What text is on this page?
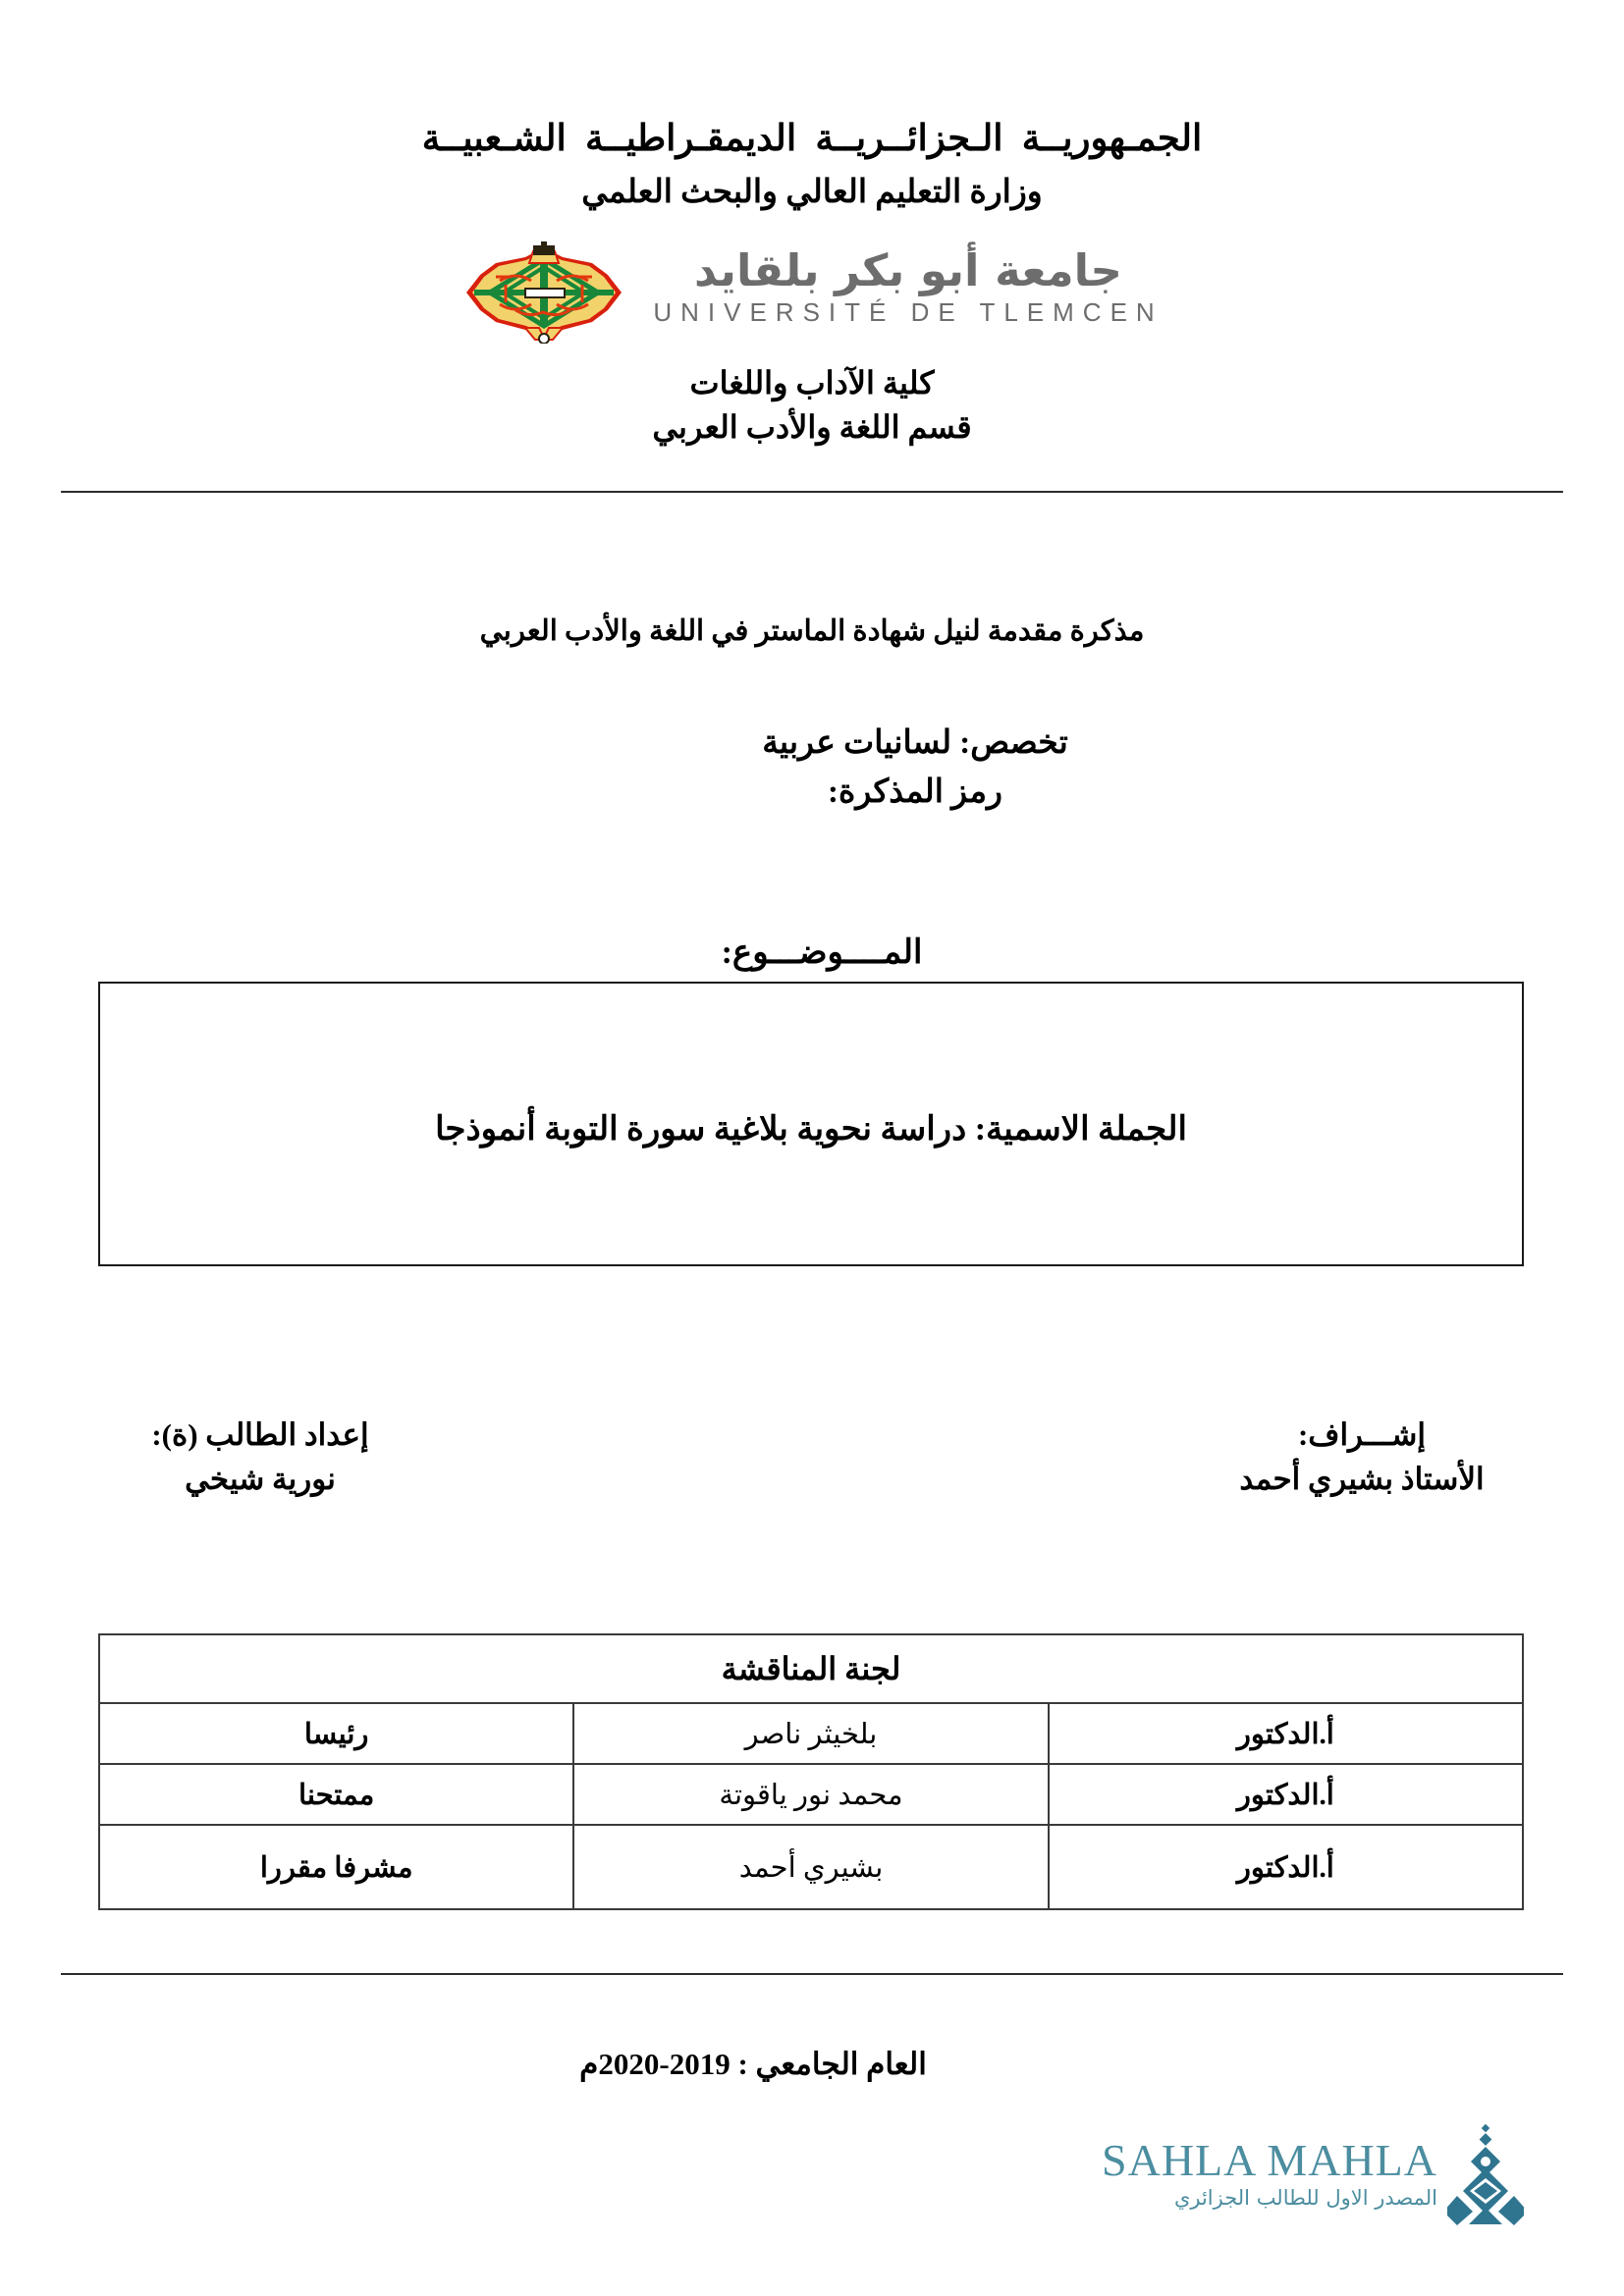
الجمـهوريــة الـجزائــريــة الديمقـراطيــة الشـعبيــة
وزارة التعليم العالي والبحث العلمي
جامعة أبو بكر بلقايد
UNIVERSITÉ DE TLEMCEN
كلية الآداب واللغات
قسم اللغة والأدب العربي
مذكرة مقدمة لنيل شهادة الماستر في اللغة والأدب العربي
تخصص: لسانيات عربية
رمز المذكرة:
المــــوضـــوع:
الجملة الاسمية: دراسة نحوية بلاغية سورة التوبة أنموذجا
إشـــراف:
الأستاذ بشيري أحمد
إعداد الطالب (ة):
نورية شيخي
لجنة المناقشة		
أ.الدكتور	بلخيثر ناصر	رئيسا
أ.الدكتور	محمد نور ياقوتة	ممتحنا
أ.الدكتور	بشيري أحمد	مشرفا مقررا
العام الجامعي : 2019-2020م
SAHLA MAHLA
المصدر الاول للطالب الجزائري
